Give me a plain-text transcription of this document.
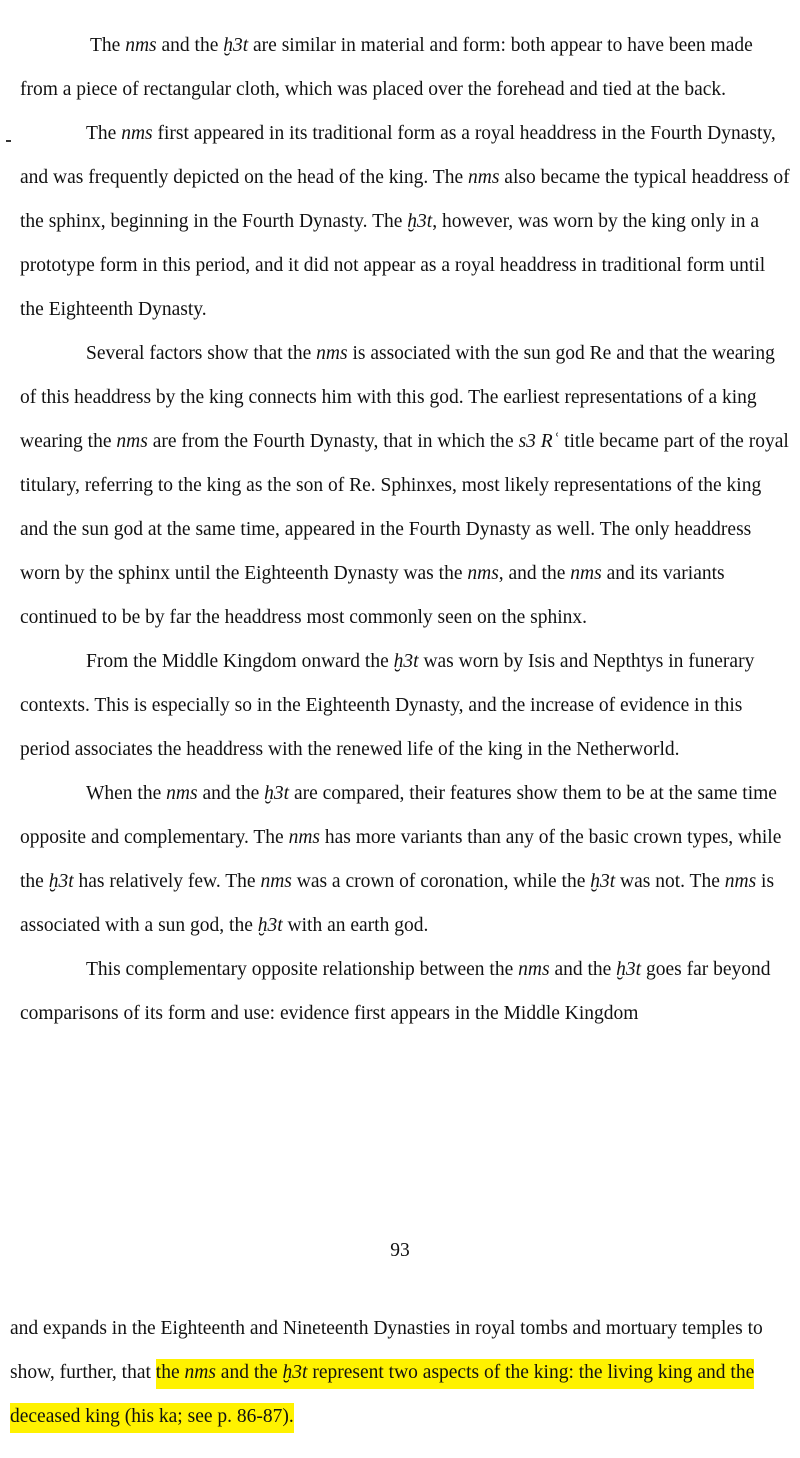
The nms and the ḫ3t are similar in material and form: both appear to have been made from a piece of rectangular cloth, which was placed over the forehead and tied at the back.

The nms first appeared in its traditional form as a royal headdress in the Fourth Dynasty, and was frequently depicted on the head of the king. The nms also became the typical headdress of the sphinx, beginning in the Fourth Dynasty. The ḫ3t, however, was worn by the king only in a prototype form in this period, and it did not appear as a royal headdress in traditional form until the Eighteenth Dynasty.

Several factors show that the nms is associated with the sun god Re and that the wearing of this headdress by the king connects him with this god. The earliest representations of a king wearing the nms are from the Fourth Dynasty, that in which the s3 Rʿ title became part of the royal titulary, referring to the king as the son of Re. Sphinxes, most likely representations of the king and the sun god at the same time, appeared in the Fourth Dynasty as well. The only headdress worn by the sphinx until the Eighteenth Dynasty was the nms, and the nms and its variants continued to be by far the headdress most commonly seen on the sphinx.

From the Middle Kingdom onward the ḫ3t was worn by Isis and Nepthtys in funerary contexts. This is especially so in the Eighteenth Dynasty, and the increase of evidence in this period associates the headdress with the renewed life of the king in the Netherworld.

When the nms and the ḫ3t are compared, their features show them to be at the same time opposite and complementary. The nms has more variants than any of the basic crown types, while the ḫ3t has relatively few. The nms was a crown of coronation, while the ḫ3t was not. The nms is associated with a sun god, the ḫ3t with an earth god.

This complementary opposite relationship between the nms and the ḫ3t goes far beyond comparisons of its form and use: evidence first appears in the Middle Kingdom

93

and expands in the Eighteenth and Nineteenth Dynasties in royal tombs and mortuary temples to show, further, that the nms and the ḫ3t represent two aspects of the king: the living king and the deceased king (his ka; see p. 86-87).
